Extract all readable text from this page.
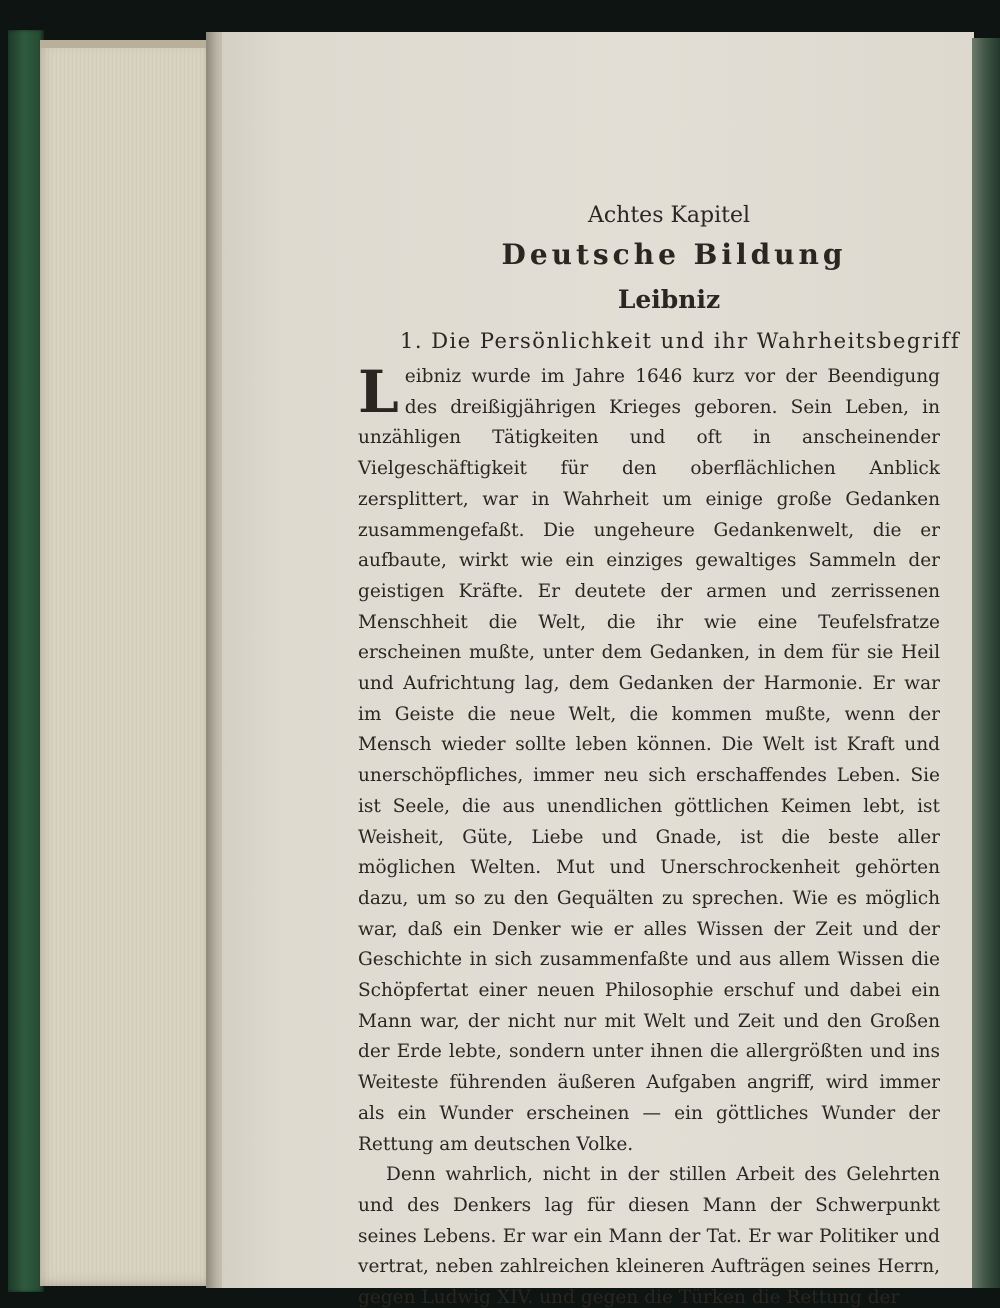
Achtes Kapitel
Deutsche Bildung
Leibniz
1. Die Persönlichkeit und ihr Wahrheitsbegriff

Leibniz wurde im Jahre 1646 kurz vor der Beendigung des dreißigjährigen Krieges geboren. Sein Leben, in unzähligen Tätigkeiten und oft in anscheinender Vielgeschäftigkeit für den oberflächlichen Anblick zersplittert, war in Wahrheit um einige große Gedanken zusammengefaßt. Die ungeheure Gedankenwelt, die er aufbaute, wirkt wie ein einziges gewaltiges Sammeln der geistigen Kräfte. Er deutete der armen und zerrissenen Menschheit die Welt, die ihr wie eine Teufelsfratze erscheinen mußte, unter dem Gedanken, in dem für sie Heil und Aufrichtung lag, dem Gedanken der Harmonie. Er war im Geiste die neue Welt, die kommen mußte, wenn der Mensch wieder sollte leben können. Die Welt ist Kraft und unerschöpfliches, immer neu sich erschaffendes Leben. Sie ist Seele, die aus unendlichen göttlichen Keimen lebt, ist Weisheit, Güte, Liebe und Gnade, ist die beste aller möglichen Welten. Mut und Unerschrockenheit gehörten dazu, um so zu den Gequälten zu sprechen. Wie es möglich war, daß ein Denker wie er alles Wissen der Zeit und der Geschichte in sich zusammenfaßte und aus allem Wissen die Schöpfertat einer neuen Philosophie erschuf und dabei ein Mann war, der nicht nur mit Welt und Zeit und den Großen der Erde lebte, sondern unter ihnen die allergrößten und ins Weiteste führenden äußeren Aufgaben angriff, wird immer als ein Wunder erscheinen — ein göttliches Wunder der Rettung am deutschen Volke.

Denn wahrlich, nicht in der stillen Arbeit des Gelehrten und des Denkers lag für diesen Mann der Schwerpunkt seines Lebens. Er war ein Mann der Tat. Er war Politiker und vertrat, neben zahlreichen kleineren Aufträgen seines Herrn, gegen Ludwig XIV. und gegen die Türken die Rettung der
